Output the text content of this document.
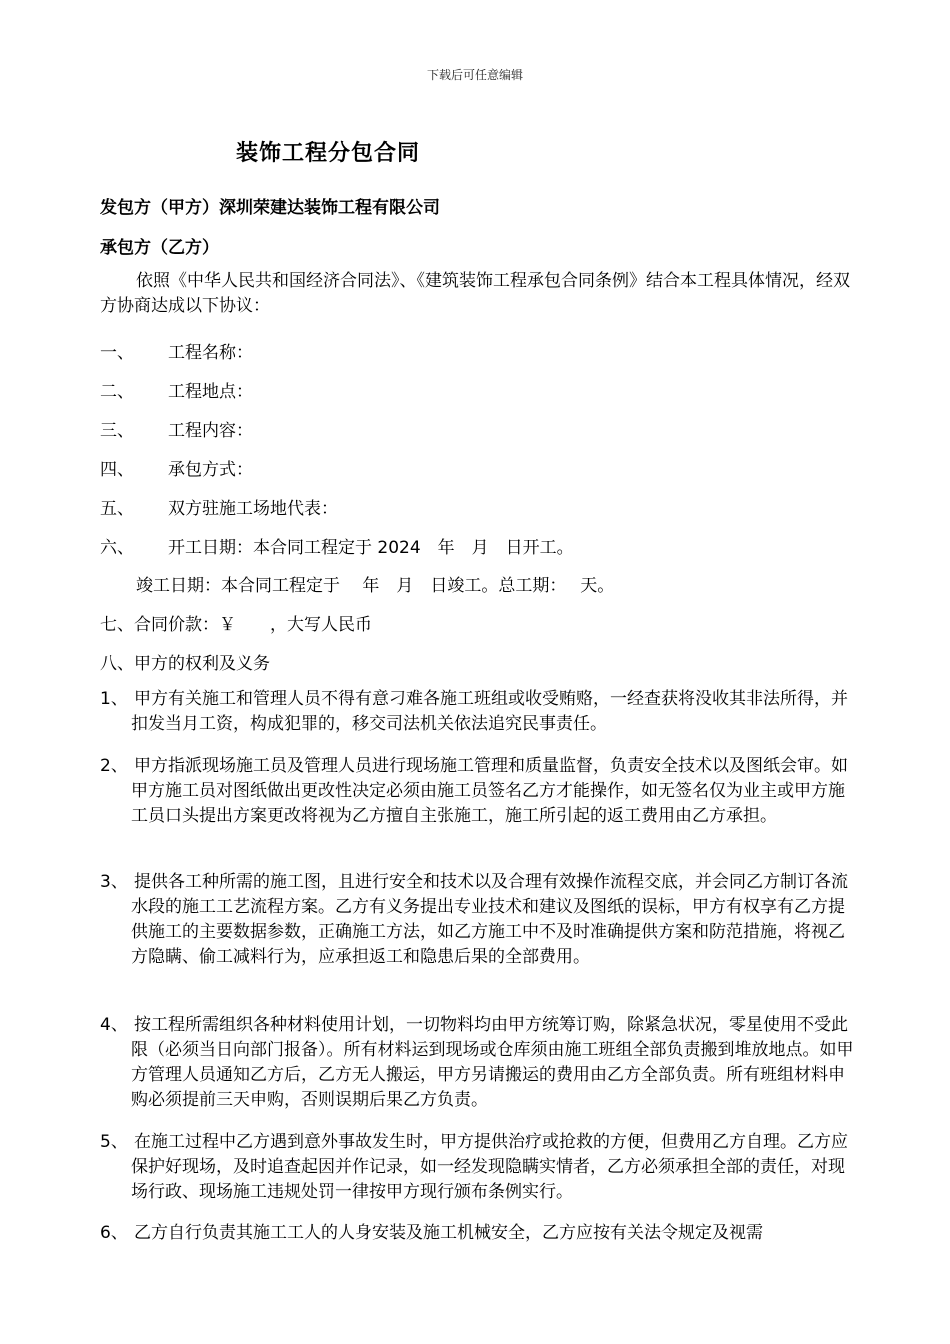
下载后可任意编辑
装饰工程分包合同
发包方（甲方）深圳荣建达装饰工程有限公司
承包方（乙方）
依照《中华人民共和国经济合同法》、《建筑装饰工程承包合同条例》结合本工程具体情况，经双方协商达成以下协议：
一、 工程名称：
二、 工程地点：
三、 工程内容：
四、 承包方式：
五、 双方驻施工场地代表：
六、 开工日期：本合同工程定于 2024　年　月　日开工。
竣工日期：本合同工程定于　 年　月　日竣工。总工期：　 天。
七、合同价款：￥　　，大写人民币
八、甲方的权利及义务
1、 甲方有关施工和管理人员不得有意刁难各施工班组或收受贿赂，一经查获将没收其非法所得，并扣发当月工资，构成犯罪的，移交司法机关依法追究民事责任。
2、 甲方指派现场施工员及管理人员进行现场施工管理和质量监督，负责安全技术以及图纸会审。如甲方施工员对图纸做出更改性决定必须由施工员签名乙方才能操作，如无签名仅为业主或甲方施工员口头提出方案更改将视为乙方擅自主张施工，施工所引起的返工费用由乙方承担。
3、 提供各工种所需的施工图，且进行安全和技术以及合理有效操作流程交底，并会同乙方制订各流水段的施工工艺流程方案。乙方有义务提出专业技术和建议及图纸的误标，甲方有权享有乙方提供施工的主要数据参数，正确施工方法，如乙方施工中不及时准确提供方案和防范措施，将视乙方隐瞒、偷工减料行为，应承担返工和隐患后果的全部费用。
4、 按工程所需组织各种材料使用计划，一切物料均由甲方统筹订购，除紧急状况，零星使用不受此限（必须当日向部门报备）。所有材料运到现场或仓库须由施工班组全部负责搬到堆放地点。如甲方管理人员通知乙方后，乙方无人搬运，甲方另请搬运的费用由乙方全部负责。所有班组材料申购必须提前三天申购，否则误期后果乙方负责。
5、 在施工过程中乙方遇到意外事故发生时，甲方提供治疗或抢救的方便，但费用乙方自理。乙方应保护好现场，及时追查起因并作记录，如一经发现隐瞒实情者，乙方必须承担全部的责任，对现场行政、现场施工违规处罚一律按甲方现行颁布条例实行。
6、 乙方自行负责其施工工人的人身安装及施工机械安全，乙方应按有关法令规定及视需
